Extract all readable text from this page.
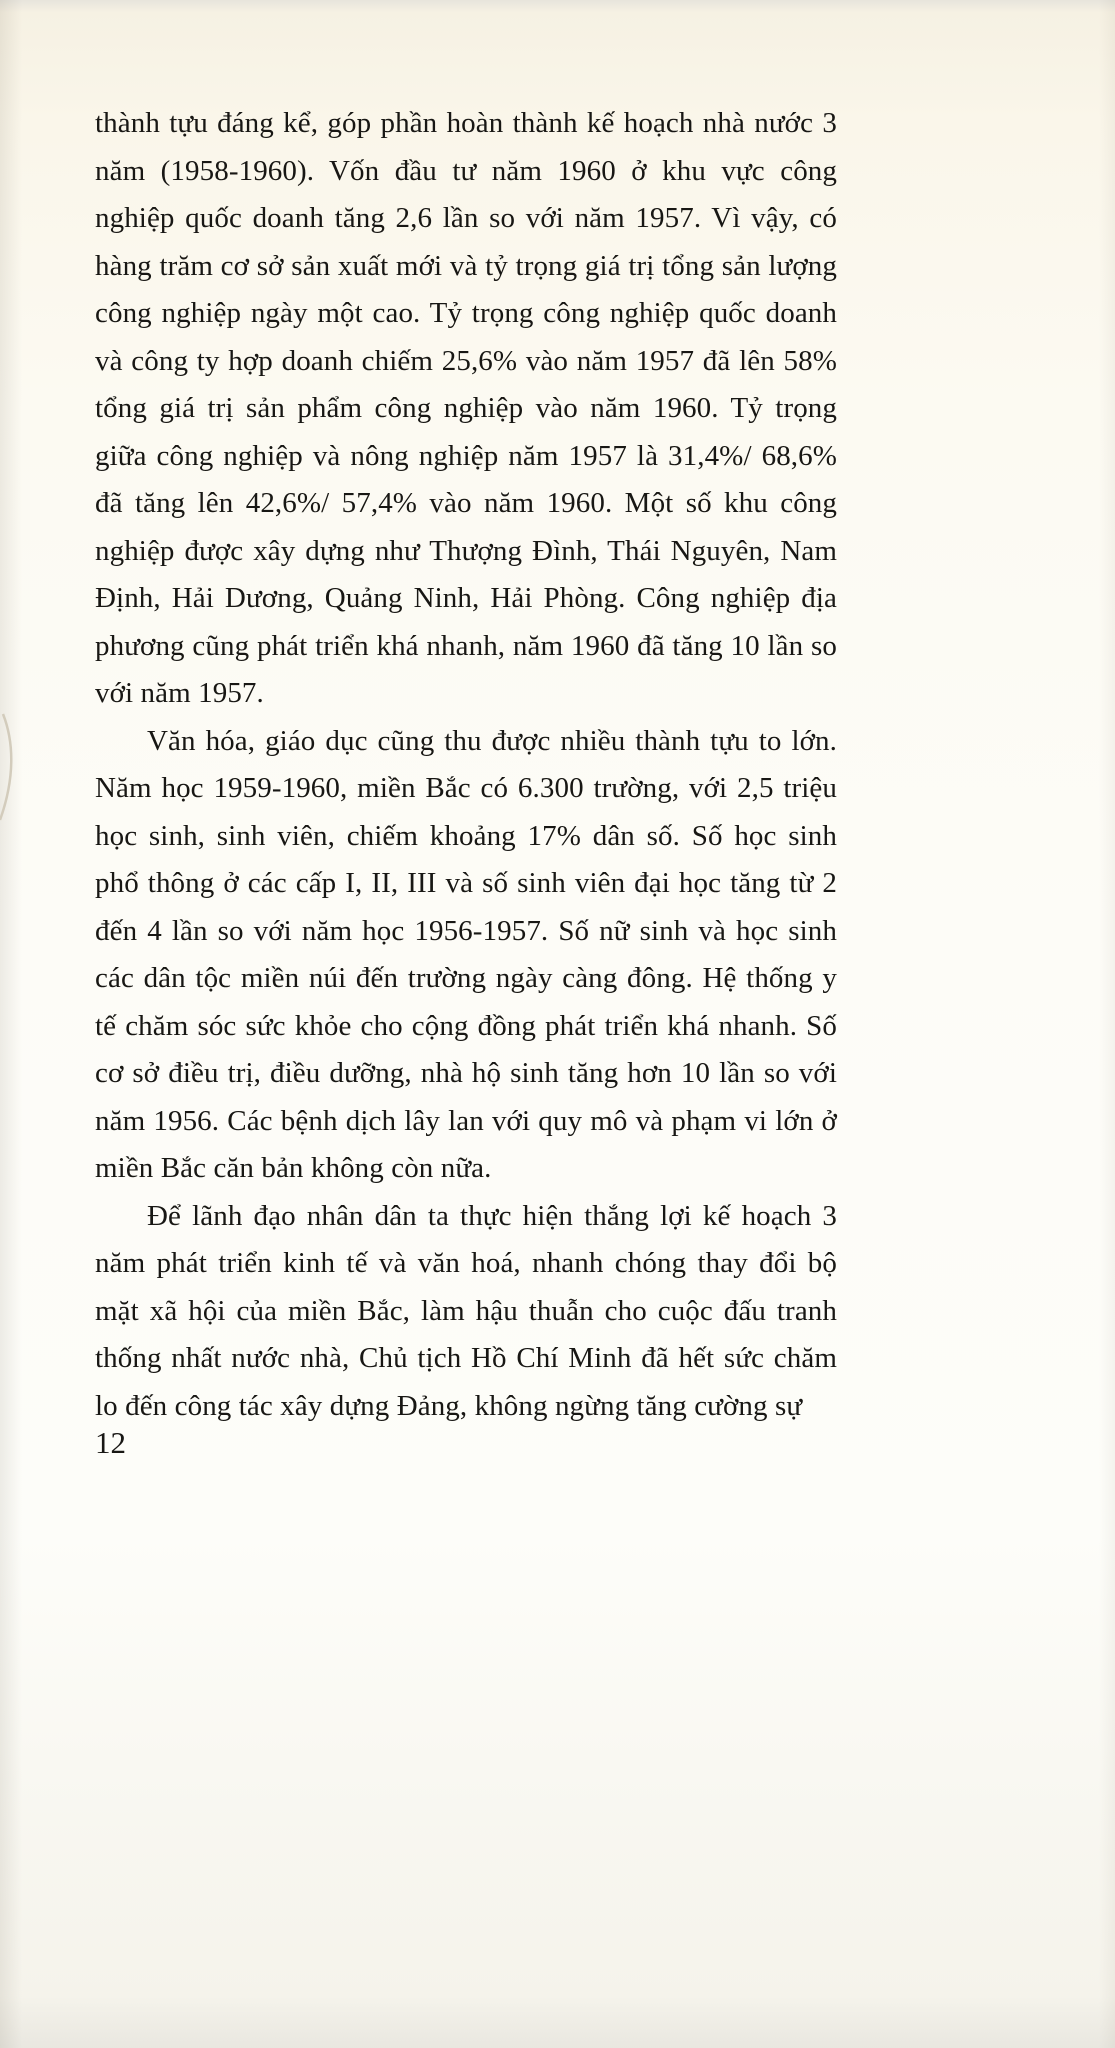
thành tựu đáng kể, góp phần hoàn thành kế hoạch nhà nước 3 năm (1958-1960). Vốn đầu tư năm 1960 ở khu vực công nghiệp quốc doanh tăng 2,6 lần so với năm 1957. Vì vậy, có hàng trăm cơ sở sản xuất mới và tỷ trọng giá trị tổng sản lượng công nghiệp ngày một cao. Tỷ trọng công nghiệp quốc doanh và công ty hợp doanh chiếm 25,6% vào năm 1957 đã lên 58% tổng giá trị sản phẩm công nghiệp vào năm 1960. Tỷ trọng giữa công nghiệp và nông nghiệp năm 1957 là 31,4%/ 68,6% đã tăng lên 42,6%/ 57,4% vào năm 1960. Một số khu công nghiệp được xây dựng như Thượng Đình, Thái Nguyên, Nam Định, Hải Dương, Quảng Ninh, Hải Phòng. Công nghiệp địa phương cũng phát triển khá nhanh, năm 1960 đã tăng 10 lần so với năm 1957.

Văn hóa, giáo dục cũng thu được nhiều thành tựu to lớn. Năm học 1959-1960, miền Bắc có 6.300 trường, với 2,5 triệu học sinh, sinh viên, chiếm khoảng 17% dân số. Số học sinh phổ thông ở các cấp I, II, III và số sinh viên đại học tăng từ 2 đến 4 lần so với năm học 1956-1957. Số nữ sinh và học sinh các dân tộc miền núi đến trường ngày càng đông. Hệ thống y tế chăm sóc sức khỏe cho cộng đồng phát triển khá nhanh. Số cơ sở điều trị, điều dưỡng, nhà hộ sinh tăng hơn 10 lần so với năm 1956. Các bệnh dịch lây lan với quy mô và phạm vi lớn ở miền Bắc căn bản không còn nữa.

Để lãnh đạo nhân dân ta thực hiện thắng lợi kế hoạch 3 năm phát triển kinh tế và văn hoá, nhanh chóng thay đổi bộ mặt xã hội của miền Bắc, làm hậu thuẫn cho cuộc đấu tranh thống nhất nước nhà, Chủ tịch Hồ Chí Minh đã hết sức chăm lo đến công tác xây dựng Đảng, không ngừng tăng cường sự

12
